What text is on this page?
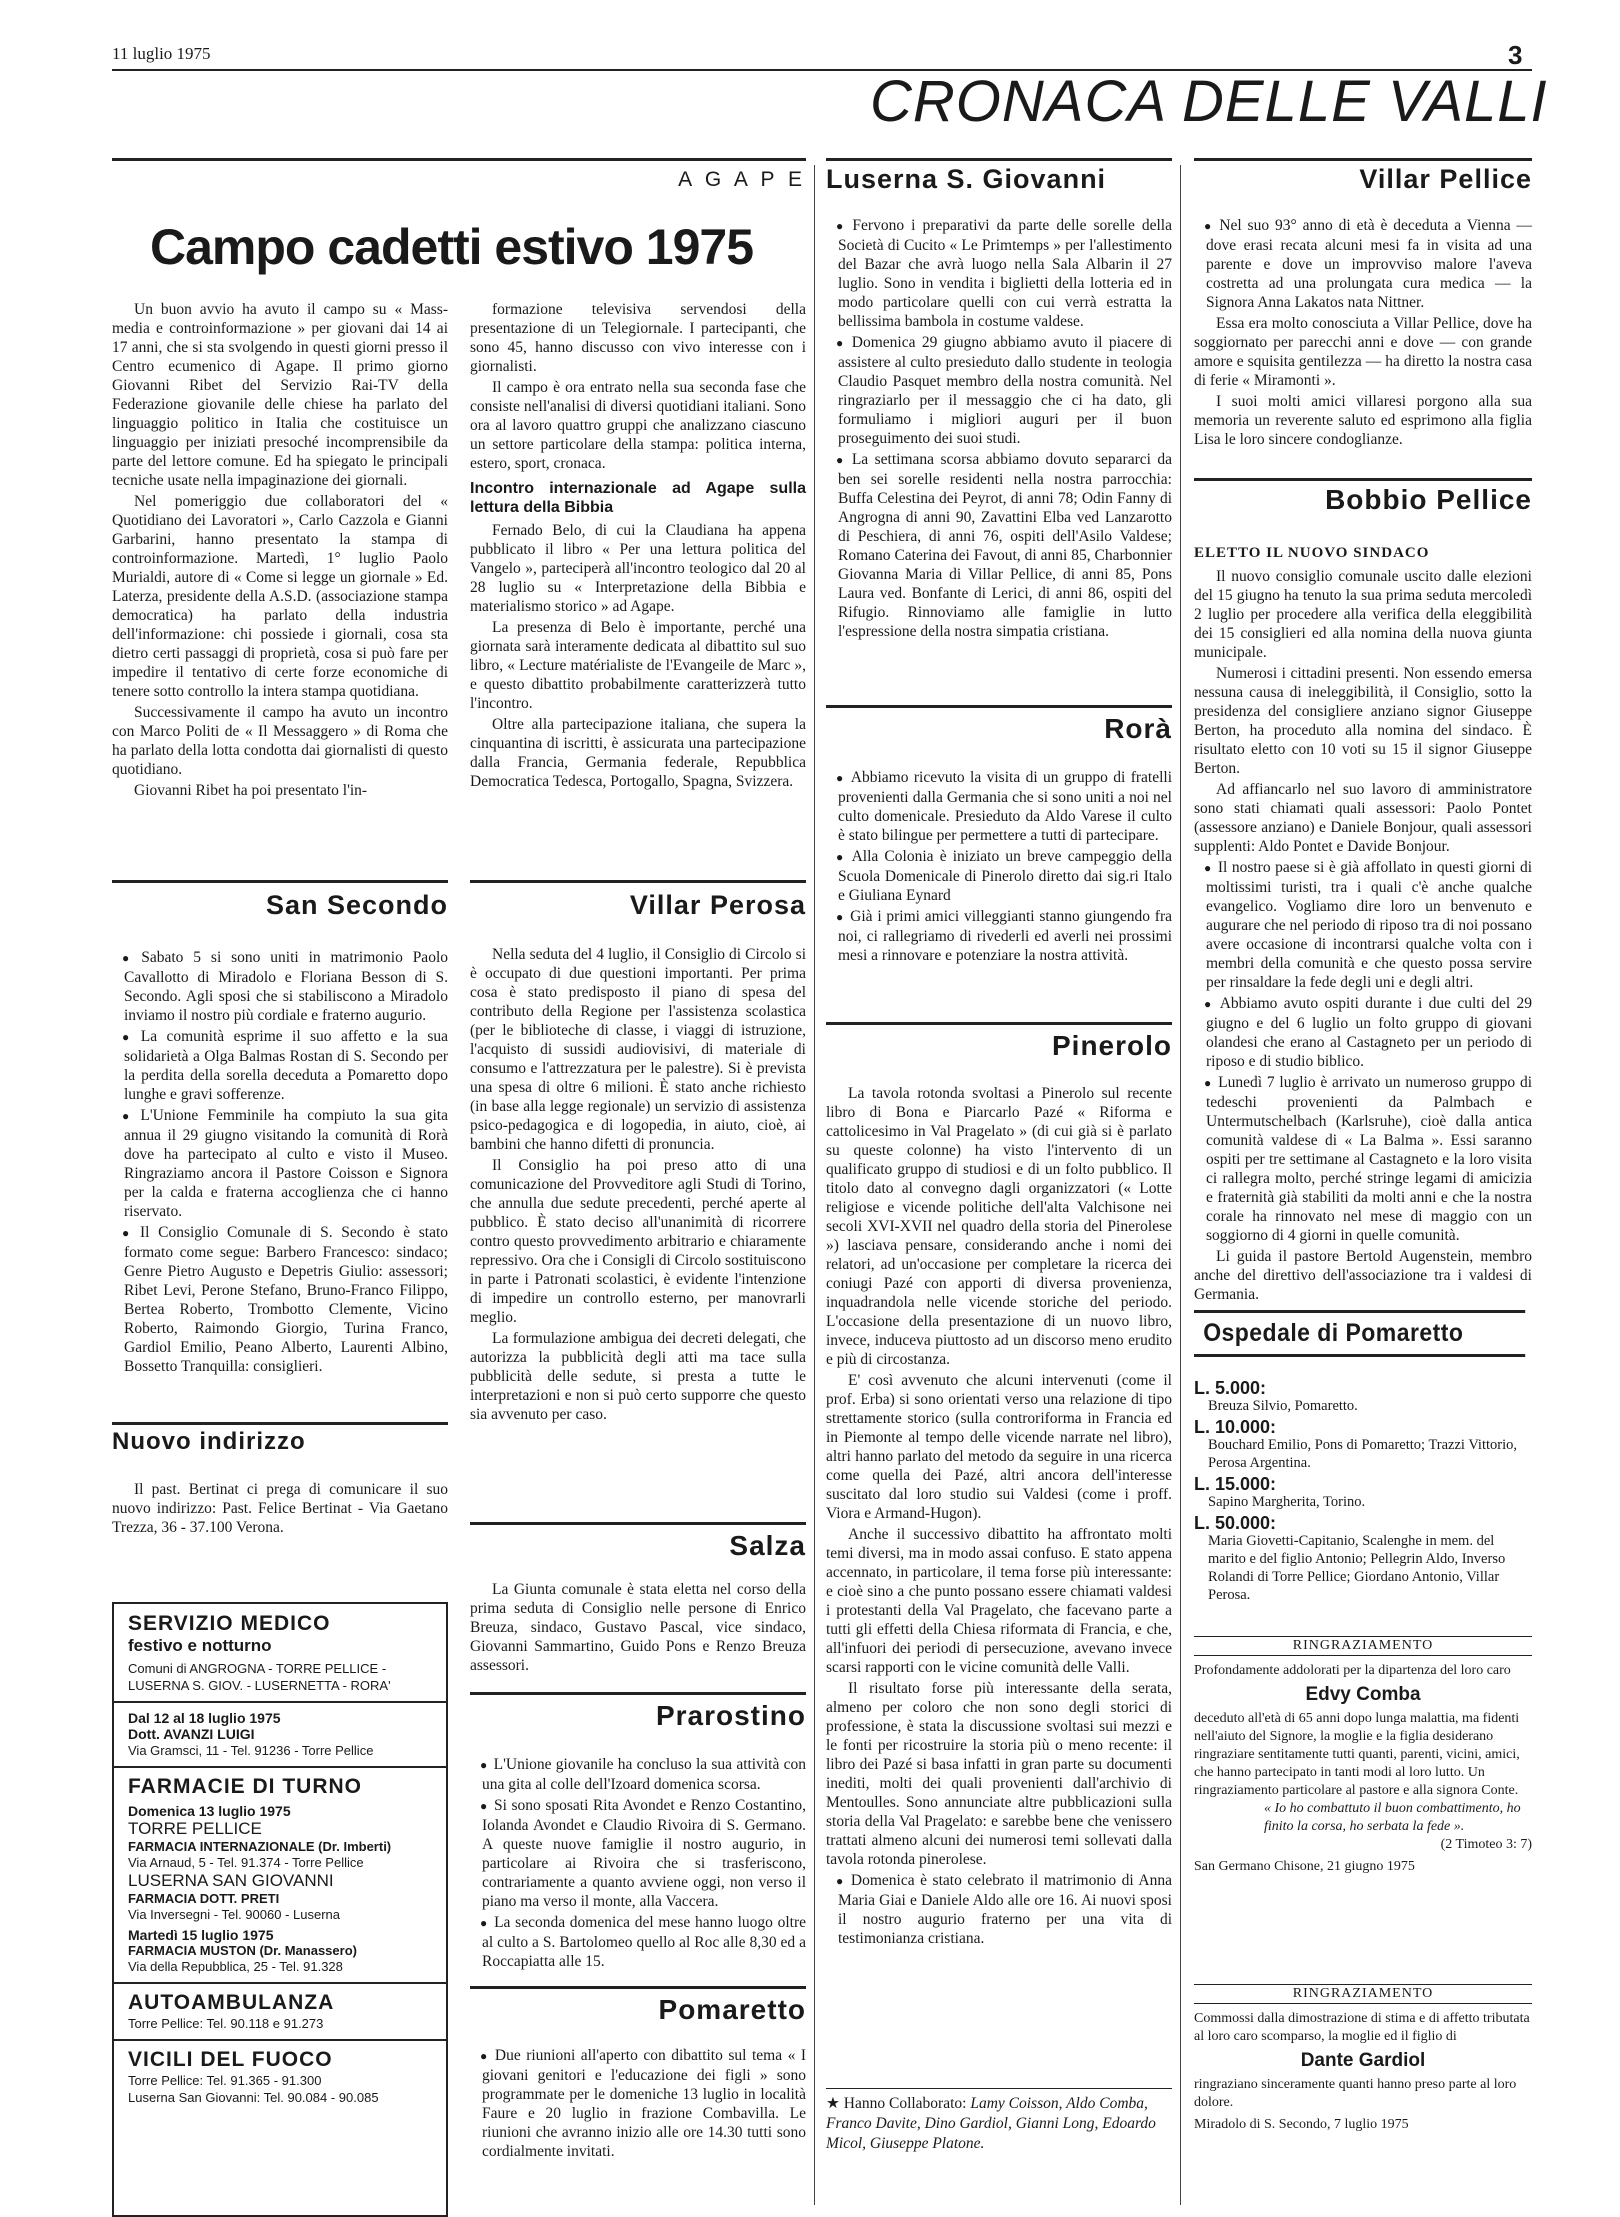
11 luglio 1975	3
CRONACA DELLE VALLI
A G A P E
Campo cadetti estivo 1975

Un buon avvio ha avuto il campo su « Mass-media e controinformazione » per giovani dai 14 ai 17 anni, che si sta svolgendo in questi giorni presso il Centro ecumenico di Agape. Il primo giorno Giovanni Ribet del Servizio Rai-TV della Federazione giovanile delle chiese ha parlato del linguaggio politico in Italia che costituisce un linguaggio per iniziati presoché incomprensibile da parte del lettore comune. Ed ha spiegato le principali tecniche usate nella impaginazione dei giornali.

Nel pomeriggio due collaboratori del « Quotidiano dei Lavoratori », Carlo Cazzola e Gianni Garbarini, hanno presentato la stampa di controinformazione. Martedì, 1° luglio Paolo Murialdi, autore di « Come si legge un giornale » Ed. Laterza, presidente della A.S.D. (associazione stampa democratica) ha parlato della industria dell'informazione: chi possiede i giornali, cosa sta dietro certi passaggi di proprietà, cosa si può fare per impedire il tentativo di certe forze economiche di tenere sotto controllo la intera stampa quotidiana.

Successivamente il campo ha avuto un incontro con Marco Politi de « Il Messaggero » di Roma che ha parlato della lotta condotta dai giornalisti di questo quotidiano.

Giovanni Ribet ha poi presentato l'in-

formazione televisiva servendosi della presentazione di un Telegiornale. I partecipanti, che sono 45, hanno discusso con vivo interesse con i giornalisti.

Il campo è ora entrato nella sua seconda fase che consiste nell'analisi di diversi quotidiani italiani. Sono ora al lavoro quattro gruppi che analizzano ciascuno un settore particolare della stampa: politica interna, estero, sport, cronaca.

Incontro internazionale ad Agape sulla lettura della Bibbia

Fernado Belo, di cui la Claudiana ha appena pubblicato il libro « Per una lettura politica del Vangelo », parteciperà all'incontro teologico dal 20 al 28 luglio su « Interpretazione della Bibbia e materialismo storico » ad Agape.

La presenza di Belo è importante, perché una giornata sarà interamente dedicata al dibattito sul suo libro, « Lecture matérialiste de l'Evangeile de Marc », e questo dibattito probabilmente caratterizzerà tutto l'incontro.

Oltre alla partecipazione italiana, che supera la cinquantina di iscritti, è assicurata una partecipazione dalla Francia, Germania federale, Repubblica Democratica Tedesca, Portogallo, Spagna, Svizzera.

San Secondo

● Sabato 5 si sono uniti in matrimonio Paolo Cavallotto di Miradolo e Floriana Besson di S. Secondo. Agli sposi che si stabiliscono a Miradolo inviamo il nostro più cordiale e fraterno augurio.

● La comunità esprime il suo affetto e la sua solidarietà a Olga Balmas Rostan di S. Secondo per la perdita della sorella deceduta a Pomaretto dopo lunghe e gravi sofferenze.

● L'Unione Femminile ha compiuto la sua gita annua il 29 giugno visitando la comunità di Rorà dove ha partecipato al culto e visto il Museo. Ringraziamo ancora il Pastore Coisson e Signora per la calda e fraterna accoglienza che ci hanno riservato.

● Il Consiglio Comunale di S. Secondo è stato formato come segue: Barbero Francesco: sindaco; Genre Pietro Augusto e Depetris Giulio: assessori; Ribet Levi, Perone Stefano, Bruno-Franco Filippo, Bertea Roberto, Trombotto Clemente, Vicino Roberto, Raimondo Giorgio, Turina Franco, Gardiol Emilio, Peano Alberto, Laurenti Albino, Bossetto Tranquilla: consiglieri.

Nuovo indirizzo

Il past. Bertinat ci prega di comunicare il suo nuovo indirizzo: Past. Felice Bertinat - Via Gaetano Trezza, 36 - 37.100 Verona.

SERVIZIO MEDICO
festivo e notturno
Comuni di ANGROGNA - TORRE PELLICE - LUSERNA S. GIOV. - LUSERNETTA - RORA'
Dal 12 al 18 luglio 1975
Dott. AVANZI LUIGI
Via Gramsci, 11 - Tel. 91236 - Torre Pellice
FARMACIE DI TURNO
Domenica 13 luglio 1975
TORRE PELLICE
FARMACIA INTERNAZIONALE (Dr. Imberti)
Via Arnaud, 5 - Tel. 91.374 - Torre Pellice
LUSERNA SAN GIOVANNI
FARMACIA DOTT. PRETI
Via Inversegni - Tel. 90060 - Luserna
Martedì 15 luglio 1975
FARMACIA MUSTON (Dr. Manassero)
Via della Repubblica, 25 - Tel. 91.328
AUTOAMBULANZA
Torre Pellice: Tel. 90.118 e 91.273
VICILI DEL FUOCO
Torre Pellice: Tel. 91.365 - 91.300
Luserna San Giovanni: Tel. 90.084 - 90.085
Villar Perosa

Nella seduta del 4 luglio, il Consiglio di Circolo si è occupato di due questioni importanti. Per prima cosa è stato predisposto il piano di spesa del contributo della Regione per l'assistenza scolastica (per le biblioteche di classe, i viaggi di istruzione, l'acquisto di sussidi audiovisivi, di materiale di consumo e l'attrezzatura per le palestre). Si è prevista una spesa di oltre 6 milioni. È stato anche richiesto (in base alla legge regionale) un servizio di assistenza psico-pedagogica e di logopedia, in aiuto, cioè, ai bambini che hanno difetti di pronuncia.

Il Consiglio ha poi preso atto di una comunicazione del Provveditore agli Studi di Torino, che annulla due sedute precedenti, perché aperte al pubblico. È stato deciso all'unanimità di ricorrere contro questo provvedimento arbitrario e chiaramente repressivo. Ora che i Consigli di Circolo sostituiscono in parte i Patronati scolastici, è evidente l'intenzione di impedire un controllo esterno, per manovrarli meglio.

La formulazione ambigua dei decreti delegati, che autorizza la pubblicità degli atti ma tace sulla pubblicità delle sedute, si presta a tutte le interpretazioni e non si può certo supporre che questo sia avvenuto per caso.

Salza

La Giunta comunale è stata eletta nel corso della prima seduta di Consiglio nelle persone di Enrico Breuza, sindaco, Gustavo Pascal, vice sindaco, Giovanni Sammartino, Guido Pons e Renzo Breuza assessori.

Prarostino

● L'Unione giovanile ha concluso la sua attività con una gita al colle dell'Izoard domenica scorsa.

● Si sono sposati Rita Avondet e Renzo Costantino, Iolanda Avondet e Claudio Rivoira di S. Germano. A queste nuove famiglie il nostro augurio, in particolare ai Rivoira che si trasferiscono, contrariamente a quanto avviene oggi, non verso il piano ma verso il monte, alla Vaccera.

● La seconda domenica del mese hanno luogo oltre al culto a S. Bartolomeo quello al Roc alle 8,30 ed a Roccapiatta alle 15.

Pomaretto

● Due riunioni all'aperto con dibattito sul tema « I giovani genitori e l'educazione dei figli » sono programmate per le domeniche 13 luglio in località Faure e 20 luglio in frazione Combavilla. Le riunioni che avranno inizio alle ore 14.30 tutti sono cordialmente invitati.

Luserna S. Giovanni

● Fervono i preparativi da parte delle sorelle della Società di Cucito « Le Primtemps » per l'allestimento del Bazar che avrà luogo nella Sala Albarin il 27 luglio. Sono in vendita i biglietti della lotteria ed in modo particolare quelli con cui verrà estratta la bellissima bambola in costume valdese.

● Domenica 29 giugno abbiamo avuto il piacere di assistere al culto presieduto dallo studente in teologia Claudio Pasquet membro della nostra comunità. Nel ringraziarlo per il messaggio che ci ha dato, gli formuliamo i migliori auguri per il buon proseguimento dei suoi studi.

● La settimana scorsa abbiamo dovuto separarci da ben sei sorelle residenti nella nostra parrocchia: Buffa Celestina dei Peyrot, di anni 78; Odin Fanny di Angrogna di anni 90, Zavattini Elba ved Lanzarotto di Peschiera, di anni 76, ospiti dell'Asilo Valdese; Romano Caterina dei Favout, di anni 85, Charbonnier Giovanna Maria di Villar Pellice, di anni 85, Pons Laura ved. Bonfante di Lerici, di anni 86, ospiti del Rifugio. Rinnoviamo alle famiglie in lutto l'espressione della nostra simpatia cristiana.

Rorà

● Abbiamo ricevuto la visita di un gruppo di fratelli provenienti dalla Germania che si sono uniti a noi nel culto domenicale. Presieduto da Aldo Varese il culto è stato bilingue per permettere a tutti di partecipare.

● Alla Colonia è iniziato un breve campeggio della Scuola Domenicale di Pinerolo diretto dai sig.ri Italo e Giuliana Eynard

● Già i primi amici villeggianti stanno giungendo fra noi, ci rallegriamo di rivederli ed averli nei prossimi mesi a rinnovare e potenziare la nostra attività.

Pinerolo

La tavola rotonda svoltasi a Pinerolo sul recente libro di Bona e Piarcarlo Pazé « Riforma e cattolicesimo in Val Pragelato » (di cui già si è parlato su queste colonne) ha visto l'intervento di un qualificato gruppo di studiosi e di un folto pubblico. Il titolo dato al convegno dagli organizzatori (« Lotte religiose e vicende politiche dell'alta Valchisone nei secoli XVI-XVII nel quadro della storia del Pinerolese ») lasciava pensare, considerando anche i nomi dei relatori, ad un'occasione per completare la ricerca dei coniugi Pazé con apporti di diversa provenienza, inquadrandola nelle vicende storiche del periodo. L'occasione della presentazione di un nuovo libro, invece, induceva piuttosto ad un discorso meno erudito e più di circostanza.

E' così avvenuto che alcuni intervenuti (come il prof. Erba) si sono orientati verso una relazione di tipo strettamente storico (sulla controriforma in Francia ed in Piemonte al tempo delle vicende narrate nel libro), altri hanno parlato del metodo da seguire in una ricerca come quella dei Pazé, altri ancora dell'interesse suscitato dal loro studio sui Valdesi (come i proff. Viora e Armand-Hugon).

Anche il successivo dibattito ha affrontato molti temi diversi, ma in modo assai confuso. E stato appena accennato, in particolare, il tema forse più interessante: e cioè sino a che punto possano essere chiamati valdesi i protestanti della Val Pragelato, che facevano parte a tutti gli effetti della Chiesa riformata di Francia, e che, all'infuori dei periodi di persecuzione, avevano invece scarsi rapporti con le vicine comunità delle Valli.

Il risultato forse più interessante della serata, almeno per coloro che non sono degli storici di professione, è stata la discussione svoltasi sui mezzi e le fonti per ricostruire la storia più o meno recente: il libro dei Pazé si basa infatti in gran parte su documenti inediti, molti dei quali provenienti dall'archivio di Mentoulles. Sono annunciate altre pubblicazioni sulla storia della Val Pragelato: e sarebbe bene che venissero trattati almeno alcuni dei numerosi temi sollevati dalla tavola rotonda pinerolese.

● Domenica è stato celebrato il matrimonio di Anna Maria Giai e Daniele Aldo alle ore 16. Ai nuovi sposi il nostro augurio fraterno per una vita di testimonianza cristiana.

★ Hanno Collaborato: Lamy Coisson, Aldo Comba, Franco Davite, Dino Gardiol, Gianni Long, Edoardo Micol, Giuseppe Platone.
Villar Pellice

● Nel suo 93° anno di età è deceduta a Vienna — dove erasi recata alcuni mesi fa in visita ad una parente e dove un improvviso malore l'aveva costretta ad una prolungata cura medica — la Signora Anna Lakatos nata Nittner.

Essa era molto conosciuta a Villar Pellice, dove ha soggiornato per parecchi anni e dove — con grande amore e squisita gentilezza — ha diretto la nostra casa di ferie « Miramonti ».

I suoi molti amici villaresi porgono alla sua memoria un reverente saluto ed esprimono alla figlia Lisa le loro sincere condoglianze.

Bobbio Pellice
ELETTO IL NUOVO SINDACO

Il nuovo consiglio comunale uscito dalle elezioni del 15 giugno ha tenuto la sua prima seduta mercoledì 2 luglio per procedere alla verifica della eleggibilità dei 15 consiglieri ed alla nomina della nuova giunta municipale.

Numerosi i cittadini presenti. Non essendo emersa nessuna causa di ineleggibilità, il Consiglio, sotto la presidenza del consigliere anziano signor Giuseppe Berton, ha proceduto alla nomina del sindaco. È risultato eletto con 10 voti su 15 il signor Giuseppe Berton.

Ad affiancarlo nel suo lavoro di amministratore sono stati chiamati quali assessori: Paolo Pontet (assessore anziano) e Daniele Bonjour, quali assessori supplenti: Aldo Pontet e Davide Bonjour.

● Il nostro paese si è già affollato in questi giorni di moltissimi turisti, tra i quali c'è anche qualche evangelico. Vogliamo dire loro un benvenuto e augurare che nel periodo di riposo tra di noi possano avere occasione di incontrarsi qualche volta con i membri della comunità e che questo possa servire per rinsaldare la fede degli uni e degli altri.

● Abbiamo avuto ospiti durante i due culti del 29 giugno e del 6 luglio un folto gruppo di giovani olandesi che erano al Castagneto per un periodo di riposo e di studio biblico.

● Lunedì 7 luglio è arrivato un numeroso gruppo di tedeschi provenienti da Palmbach e Untermutschelbach (Karlsruhe), cioè dalla antica comunità valdese di « La Balma ». Essi saranno ospiti per tre settimane al Castagneto e la loro visita ci rallegra molto, perché stringe legami di amicizia e fraternità già stabiliti da molti anni e che la nostra corale ha rinnovato nel mese di maggio con un soggiorno di 4 giorni in quelle comunità.

Li guida il pastore Bertold Augenstein, membro anche del direttivo dell'associazione tra i valdesi di Germania.

Ospedale di Pomaretto
L. 5.000:
Breuza Silvio, Pomaretto.
L. 10.000:
Bouchard Emilio, Pons di Pomaretto; Trazzi Vittorio, Perosa Argentina.
L. 15.000:
Sapino Margherita, Torino.
L. 50.000:
Maria Giovetti-Capitanio, Scalenghe in mem. del marito e del figlio Antonio; Pellegrin Aldo, Inverso Rolandi di Torre Pellice; Giordano Antonio, Villar Perosa.
RINGRAZIAMENTO
Profondamente addolorati per la dipartenza del loro caro
Edvy Comba
deceduto all'età di 65 anni dopo lunga malattia, ma fidenti nell'aiuto del Signore, la moglie e la figlia desiderano ringraziare sentitamente tutti quanti, parenti, vicini, amici, che hanno partecipato in tanti modi al loro lutto. Un ringraziamento particolare al pastore e alla signora Conte.
« Io ho combattuto il buon combattimento, ho finito la corsa, ho serbata la fede ».
(2 Timoteo 3: 7)
San Germano Chisone, 21 giugno 1975
RINGRAZIAMENTO
Commossi dalla dimostrazione di stima e di affetto tributata al loro caro scomparso, la moglie ed il figlio di
Dante Gardiol
ringraziano sinceramente quanti hanno preso parte al loro dolore.
Miradolo di S. Secondo, 7 luglio 1975
